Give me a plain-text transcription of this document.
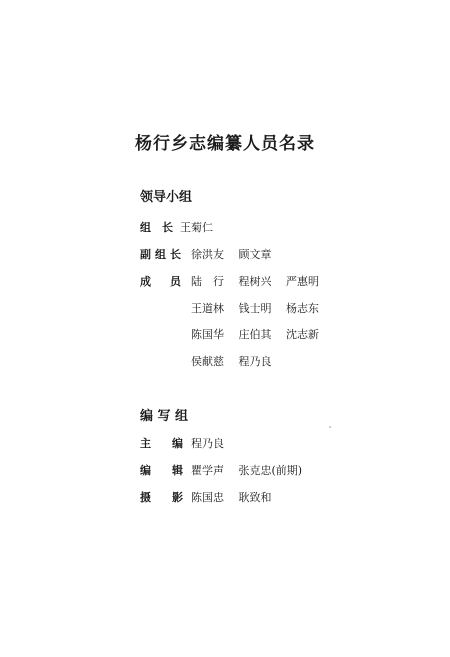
杨行乡志编纂人员名录
领导小组
组 长 王菊仁
副 组 长 徐洪友 顾文章
成 员 陆　行 程树兴 严惠明
王道林 钱士明 杨志东
陈国华 庄伯其 沈志新
侯献慈 程乃良
编 写 组
主 编 程乃良
编 辑 瞿学声 张克忠(前期)
摄 影 陈国忠 耿致和
